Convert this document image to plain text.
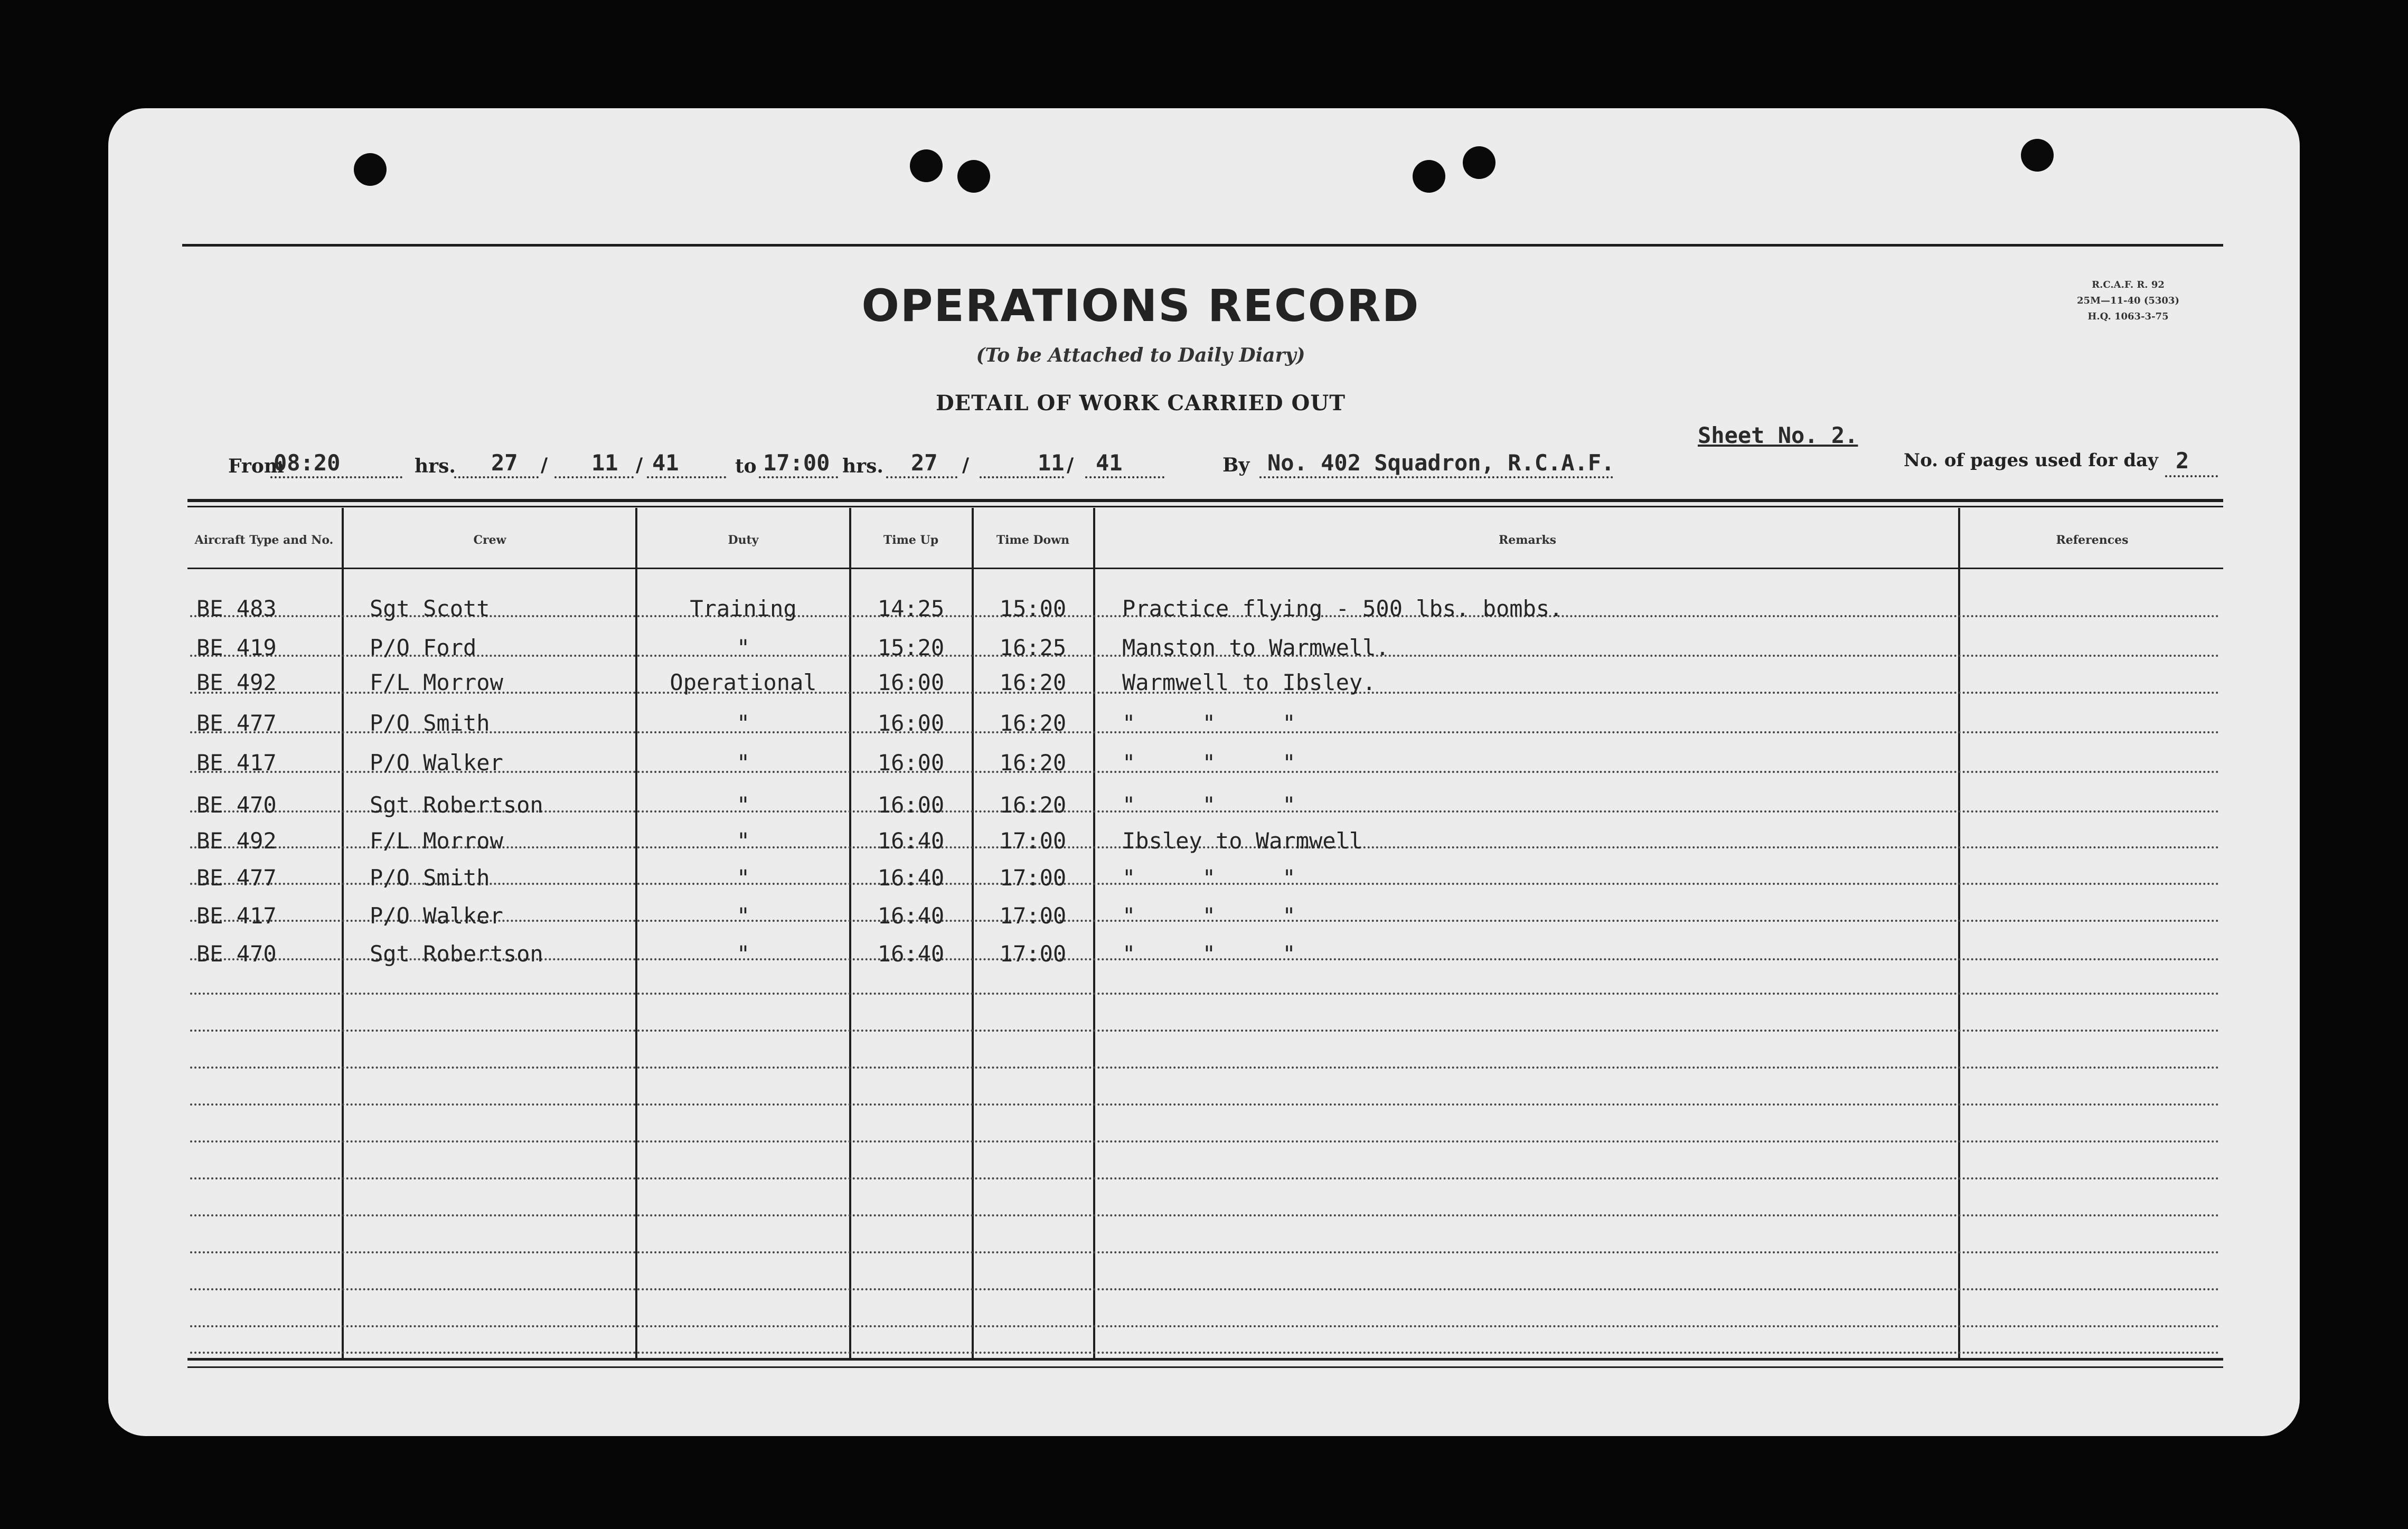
R.C.A.F. R. 92
25M—11-40 (5303)
H.Q. 1063-3-75
OPERATIONS RECORD
(To be Attached to Daily Diary)
DETAIL OF WORK CARRIED OUT
From
08:20	hrs. 27 / 11 / 41	to 17:00 hrs. 27 /	11 / 41	By No. 402 Squadron, R.C.A.F.
Sheet No. 2.
No. of pages used for day 2
Aircraft Type and No.	Crew	Duty	Time Up	Time Down	Remarks	References
BE 483	Sgt Scott	Training	14:25	15:00	Practice flying - 500 lbs. bombs.
BE 419	P/O Ford	"	15:20	16:25	Manston to Warmwell.
BE 492	F/L Morrow	Operational	16:00	16:20	Warmwell to Ibsley.
BE 477	P/O Smith	"	16:00	16:20	"     "     "
BE 417	P/O Walker	"	16:00	16:20	"     "     "
BE 470	Sgt Robertson	"	16:00	16:20	"     "     "
BE 492	F/L Morrow	"	16:40	17:00	Ibsley to Warmwell
BE 477	P/O Smith	"	16:40	17:00	"     "     "
BE 417	P/O Walker	"	16:40	17:00	"     "     "
BE 470	Sgt Robertson	"	16:40	17:00	"     "     "
